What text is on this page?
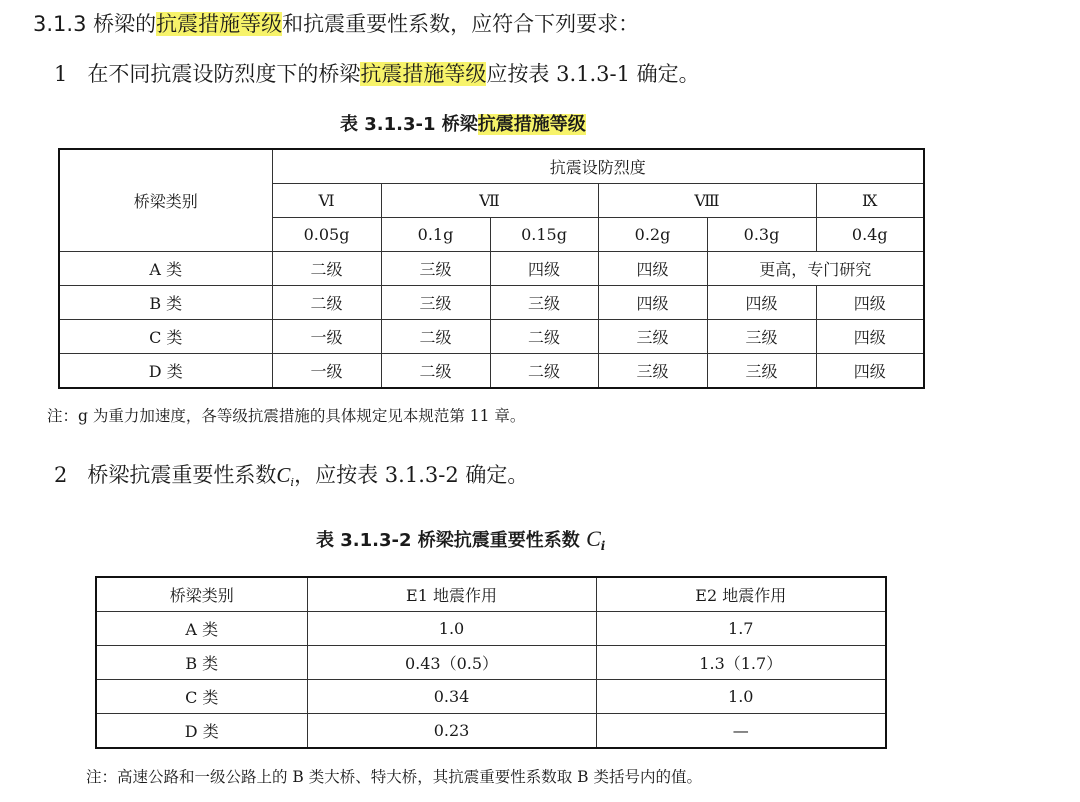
3.1.3 桥梁的抗震措施等级和抗震重要性系数，应符合下列要求：
1 在不同抗震设防烈度下的桥梁抗震措施等级应按表 3.1.3-1 确定。
表 3.1.3-1 桥梁抗震措施等级
桥梁类别	抗震设防烈度					
	Ⅵ	Ⅶ		Ⅷ		Ⅸ
	0.05g	0.1g	0.15g	0.2g	0.3g	0.4g
A 类	二级	三级	四级	四级	更高，专门研究	
B 类	二级	三级	三级	四级	四级	四级
C 类	一级	二级	二级	三级	三级	四级
D 类	一级	二级	二级	三级	三级	四级
注：g 为重力加速度，各等级抗震措施的具体规定见本规范第 11 章。
2 桥梁抗震重要性系数$C_i$，应按表 3.1.3-2 确定。
表 3.1.3-2 桥梁抗震重要性系数 $C_i$
桥梁类别	E1 地震作用	E2 地震作用
A 类	1.0	1.7
B 类	0.43（0.5）	1.3（1.7）
C 类	0.34	1.0
D 类	0.23	—
注：高速公路和一级公路上的 B 类大桥、特大桥，其抗震重要性系数取 B 类括号内的值。
